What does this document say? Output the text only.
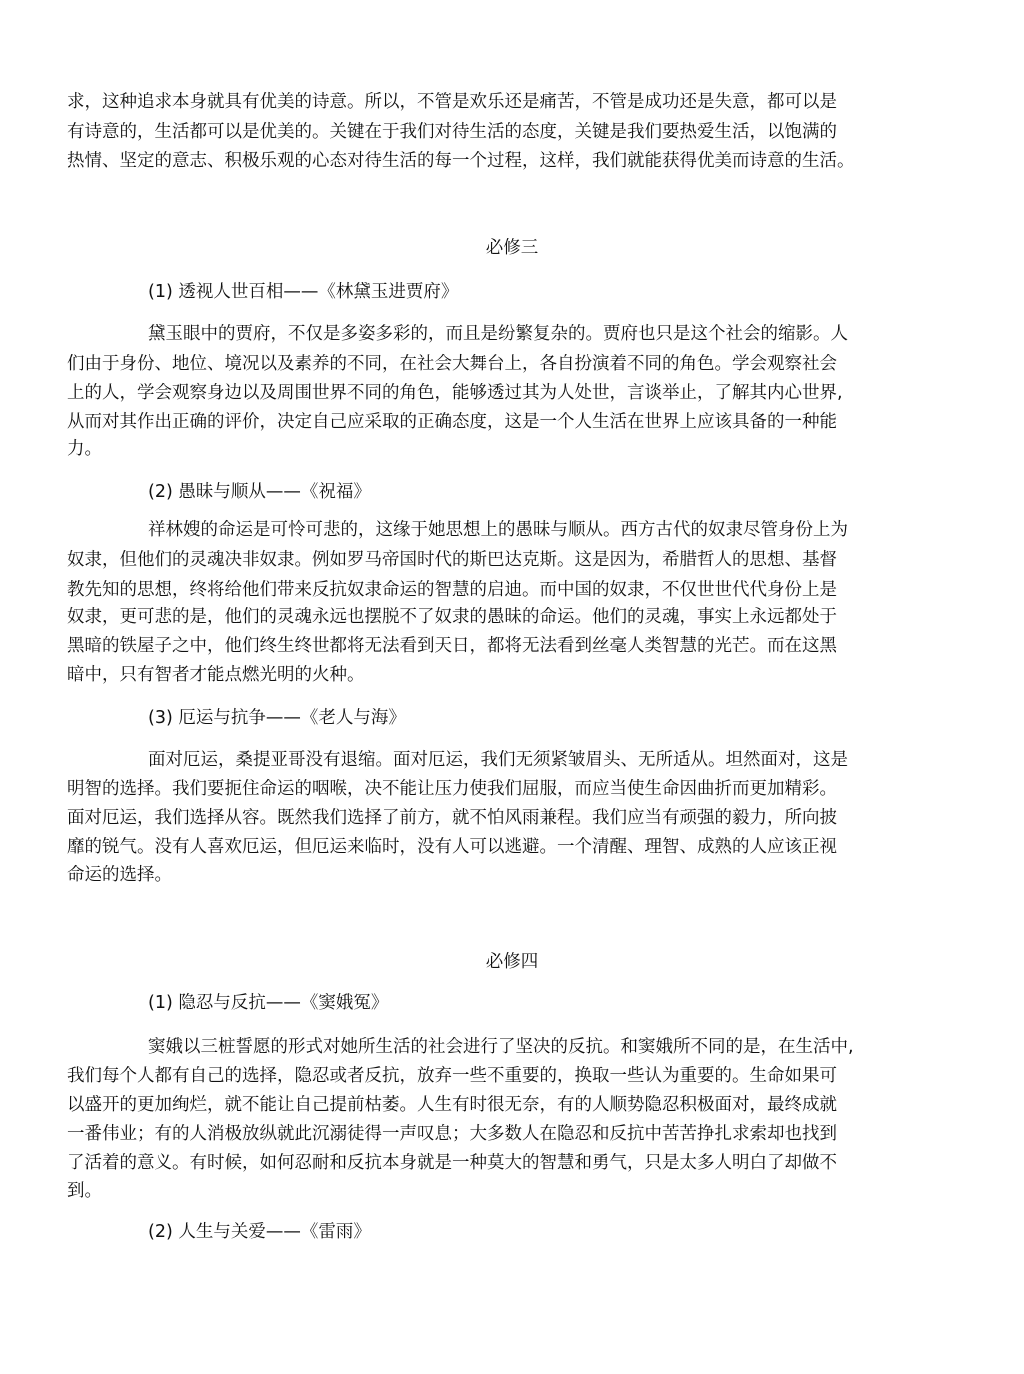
求，这种追求本身就具有优美的诗意。所以，不管是欢乐还是痛苦，不管是成功还是失意，都可以是
有诗意的，生活都可以是优美的。关键在于我们对待生活的态度，关键是我们要热爱生活，以饱满的
热情、坚定的意志、积极乐观的心态对待生活的每一个过程，这样，我们就能获得优美而诗意的生活。
必修三
(1) 透视人世百相——《林黛玉进贾府》
黛玉眼中的贾府，不仅是多姿多彩的，而且是纷繁复杂的。贾府也只是这个社会的缩影。人
们由于身份、地位、境况以及素养的不同，在社会大舞台上，各自扮演着不同的角色。学会观察社会
上的人，学会观察身边以及周围世界不同的角色，能够透过其为人处世，言谈举止，了解其内心世界,
从而对其作出正确的评价，决定自己应采取的正确态度，这是一个人生活在世界上应该具备的一种能
力。
(2) 愚昧与顺从——《祝福》
祥林嫂的命运是可怜可悲的，这缘于她思想上的愚昧与顺从。西方古代的奴隶尽管身份上为
奴隶，但他们的灵魂决非奴隶。例如罗马帝国时代的斯巴达克斯。这是因为，希腊哲人的思想、基督
教先知的思想，终将给他们带来反抗奴隶命运的智慧的启迪。而中国的奴隶，不仅世世代代身份上是
奴隶，更可悲的是，他们的灵魂永远也摆脱不了奴隶的愚昧的命运。他们的灵魂，事实上永远都处于
黑暗的铁屋子之中，他们终生终世都将无法看到天日，都将无法看到丝毫人类智慧的光芒。而在这黑
暗中，只有智者才能点燃光明的火种。
(3) 厄运与抗争——《老人与海》
面对厄运，桑提亚哥没有退缩。面对厄运，我们无须紧皱眉头、无所适从。坦然面对，这是
明智的选择。我们要扼住命运的咽喉，决不能让压力使我们屈服，而应当使生命因曲折而更加精彩。
面对厄运，我们选择从容。既然我们选择了前方，就不怕风雨兼程。我们应当有顽强的毅力，所向披
靡的锐气。没有人喜欢厄运，但厄运来临时，没有人可以逃避。一个清醒、理智、成熟的人应该正视
命运的选择。
必修四
(1) 隐忍与反抗——《窦娥冤》
窦娥以三桩誓愿的形式对她所生活的社会进行了坚决的反抗。和窦娥所不同的是，在生活中,
我们每个人都有自己的选择，隐忍或者反抗，放弃一些不重要的，换取一些认为重要的。生命如果可
以盛开的更加绚烂，就不能让自己提前枯萎。人生有时很无奈，有的人顺势隐忍积极面对，最终成就
一番伟业；有的人消极放纵就此沉溺徒得一声叹息；大多数人在隐忍和反抗中苦苦挣扎求索却也找到
了活着的意义。有时候，如何忍耐和反抗本身就是一种莫大的智慧和勇气，只是太多人明白了却做不
到。
(2) 人生与关爱——《雷雨》
